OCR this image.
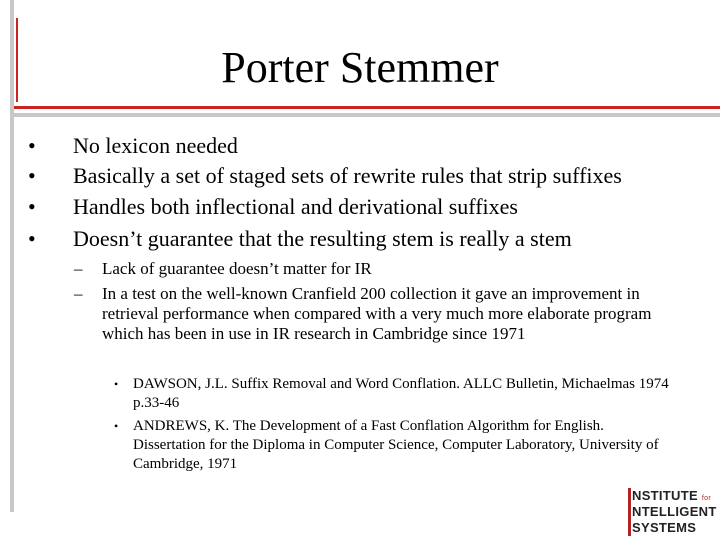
Porter Stemmer
• No lexicon needed
• Basically a set of staged sets of rewrite rules that strip suffixes
• Handles both inflectional and derivational suffixes
• Doesn’t guarantee that the resulting stem is really a stem
– Lack of guarantee doesn’t matter for IR
– In a test on the well-known Cranfield 200 collection it gave an improvement in retrieval performance when compared with a very much more elaborate program which has been in use in IR research in Cambridge since 1971
• DAWSON, J.L. Suffix Removal and Word Conflation. ALLC Bulletin, Michaelmas 1974 p.33-46
• ANDREWS, K. The Development of a Fast Conflation Algorithm for English. Dissertation for the Diploma in Computer Science, Computer Laboratory, University of Cambridge, 1971
NSTITUTE for
NTELLIGENT
SYSTEMS
